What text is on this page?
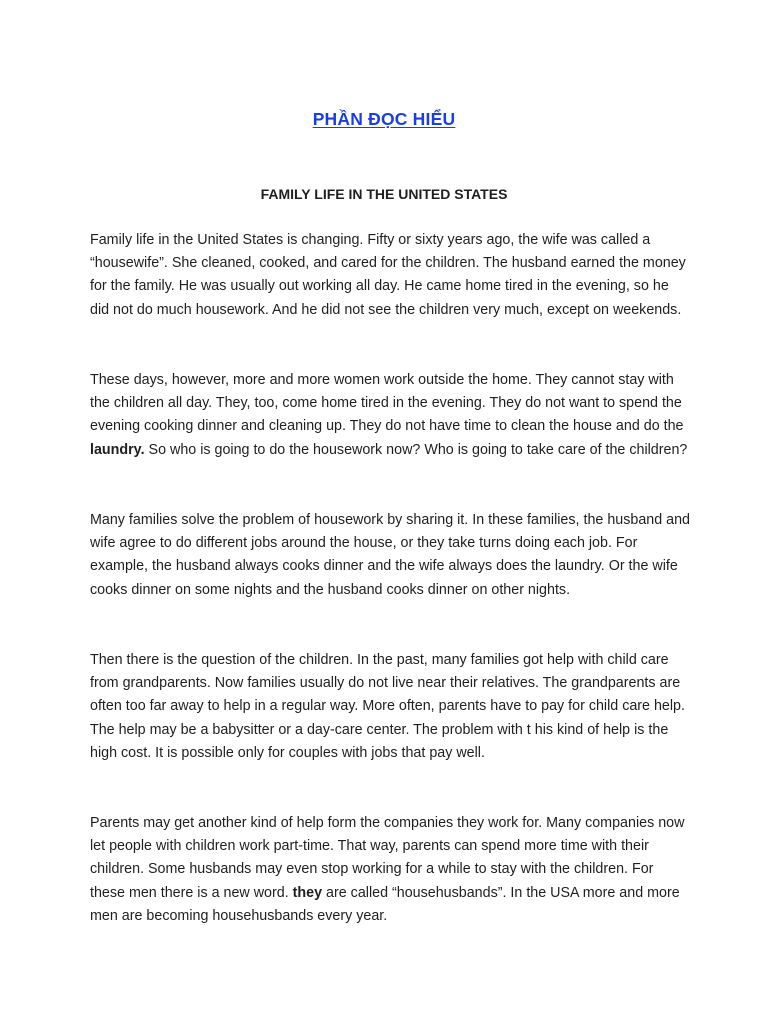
PHẦN ĐỌC HIỂU
FAMILY LIFE IN THE UNITED STATES

Family life in the United States is changing. Fifty or sixty years ago, the wife was called a “housewife”. She cleaned, cooked, and cared for the children. The husband earned the money for the family. He was usually out working all day. He came home tired in the evening, so he did not do much housework. And he did not see the children very much, except on weekends.

These days, however, more and more women work outside the home. They cannot stay with the children all day. They, too, come home tired in the evening. They do not want to spend the evening cooking dinner and cleaning up. They do not have time to clean the house and do the laundry. So who is going to do the housework now? Who is going to take care of the children?

Many families solve the problem of housework by sharing it. In these families, the husband and wife agree to do different jobs around the house, or they take turns doing each job. For example, the husband always cooks dinner and the wife always does the laundry. Or the wife cooks dinner on some nights and the husband cooks dinner on other nights.

Then there is the question of the children. In the past, many families got help with child care from grandparents. Now families usually do not live near their relatives. The grandparents are often too far away to help in a regular way. More often, parents have to pay for child care help. The help may be a babysitter or a day-care center. The problem with t his kind of help is the high cost. It is possible only for couples with jobs that pay well.

Parents may get another kind of help form the companies they work for. Many companies now let people with children work part-time. That way, parents can spend more time with their children. Some husbands may even stop working for a while to stay with the children. For these men there is a new word. they are called “househusbands”. In the USA more and more men are becoming househusbands every year.
